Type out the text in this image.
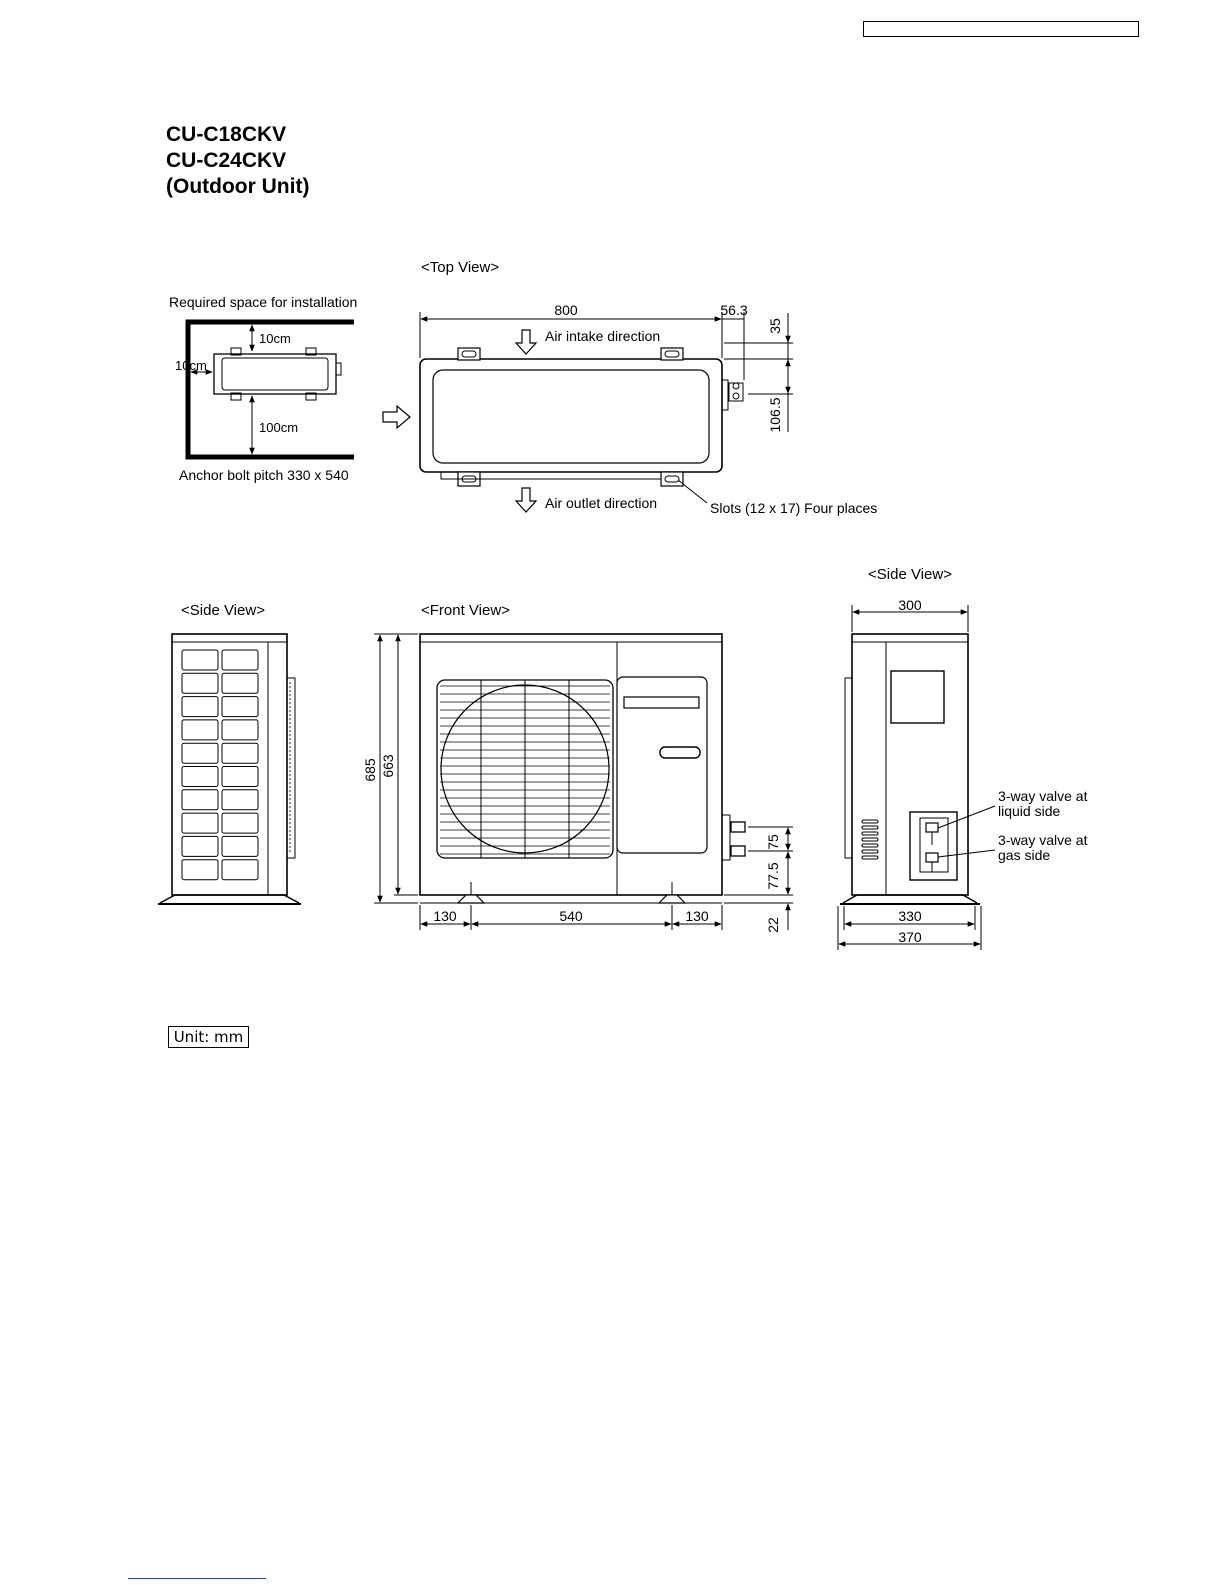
CU-C18CKV
CU-C24CKV
(Outdoor Unit)
Required space for installation
10cm
10cm
100cm
Anchor bolt pitch 330 x 540
<Top View>
800	56.3
Air intake direction
Air outlet direction	Slots (12 x 17) Four places
35
106.5
<Side View>	<Front View>
685 663
75
77.5
22
130	540	130
<Side View>
300
3-way valve at
liquid side
3-way valve at
gas side
330
370
Unit: mm
